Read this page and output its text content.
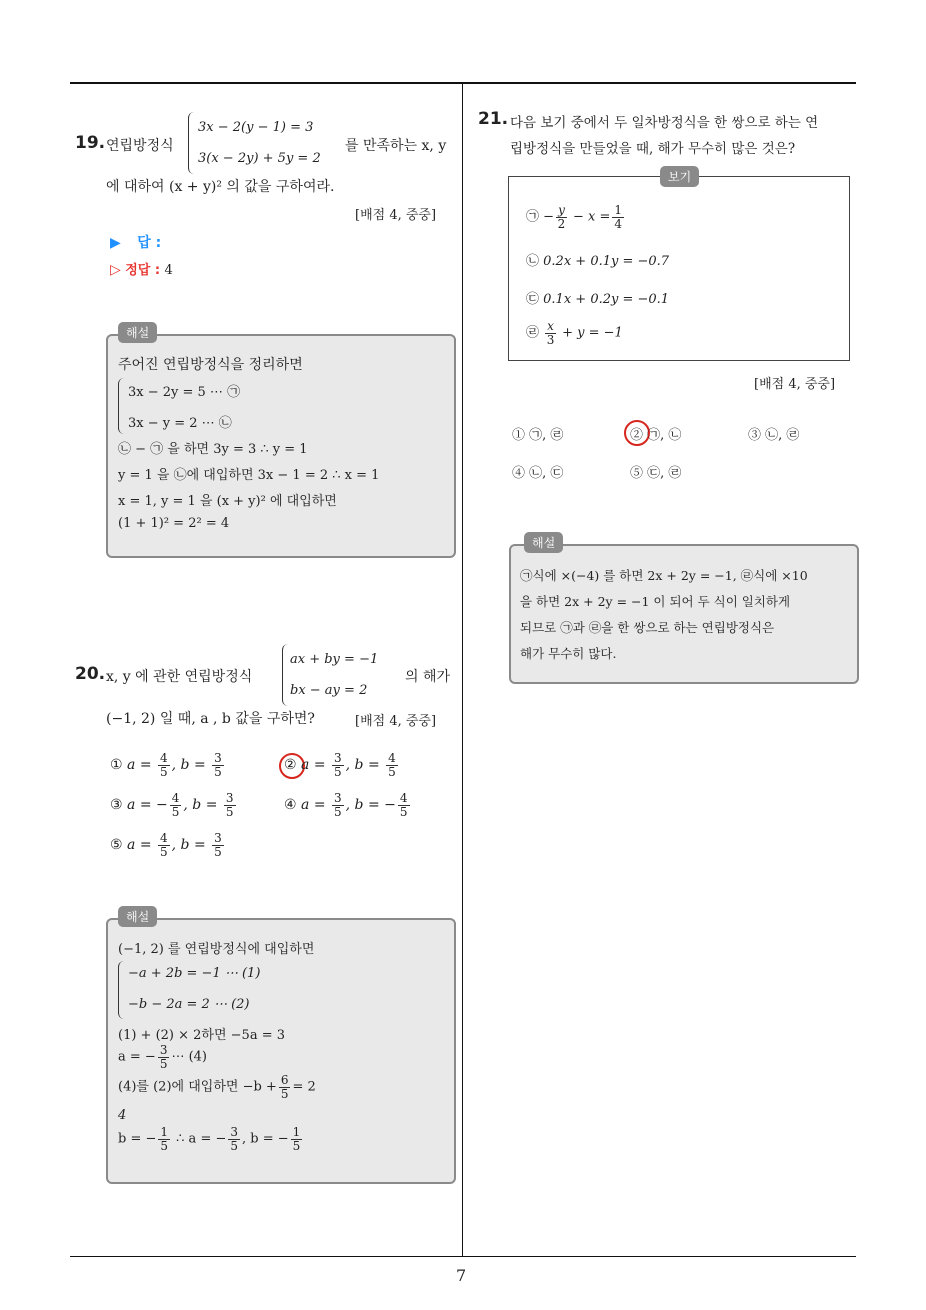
7
19. 연립방정식
3x − 2(y − 1) = 3
3(x − 2y) + 5y = 2
를 만족하는 x, y
에 대하여 (x + y)² 의 값을 구하여라.
[배점 4, 중중]
▶ 답 :
▷ 정답 : 4
해설
주어진 연립방정식을 정리하면
3x − 2y = 5 ⋯ ㉠
3x − y = 2 ⋯ ㉡
㉡ − ㉠ 을 하면 3y = 3 ∴ y = 1
y = 1 을 ㉡에 대입하면 3x − 1 = 2 ∴ x = 1
x = 1, y = 1 을 (x + y)² 에 대입하면
(1 + 1)² = 2² = 4
20. x, y 에 관한 연립방정식
ax + by = −1
bx − ay = 2
의 해가
(−1, 2) 일 때, a , b 값을 구하면?	[배점 4, 중중]
① $a = \frac{4}{5}$ , $b = \frac{3}{5}$	② $a = \frac{3}{5}$ , $b = \frac{4}{5}$
③ a = − $\frac{4}{5}$ , $b = \frac{3}{5}$	④ $a = \frac{3}{5}$ , b = − $\frac{4}{5}$
⑤ $a = \frac{4}{5}$ , $b = \frac{3}{5}$
해설
(−1, 2) 를 연립방정식에 대입하면
−a + 2b = −1 ⋯ (1)
−b − 2a = 2 ⋯ (2)
(1) + (2) × 2하면 −5a = 3
a = − $\frac{3}{5}$ ⋯ (4)
(4)를 (2)에 대입하면 $-b + \frac{6}{5} = 2$
4
b = − $\frac{1}{5}$ ∴ a = − $\frac{3}{5}$ , b = − $\frac{1}{5}$
21. 다음 보기 중에서 두 일차방정식을 한 쌍으로 하는 연
립방정식을 만들었을 때, 해가 무수히 많은 것은?
보기
㉠ − $\frac{y}{2} - x = \frac{1}{4}$
㉡ 0.2x + 0.1y = −0.7
㉢ 0.1x + 0.2y = −0.1
㉣ $\frac{x}{3} + y = -1$
[배점 4, 중중]
① ㉠, ㉣	② ㉠, ㉡	③ ㉡, ㉣
④ ㉡, ㉢	⑤ ㉢, ㉣
해설
㉠식에 ×(−4) 를 하면 2x + 2y = −1, ㉣식에 ×10
을 하면 2x + 2y = −1 이 되어 두 식이 일치하게
되므로 ㉠과 ㉣을 한 쌍으로 하는 연립방정식은
해가 무수히 많다.
